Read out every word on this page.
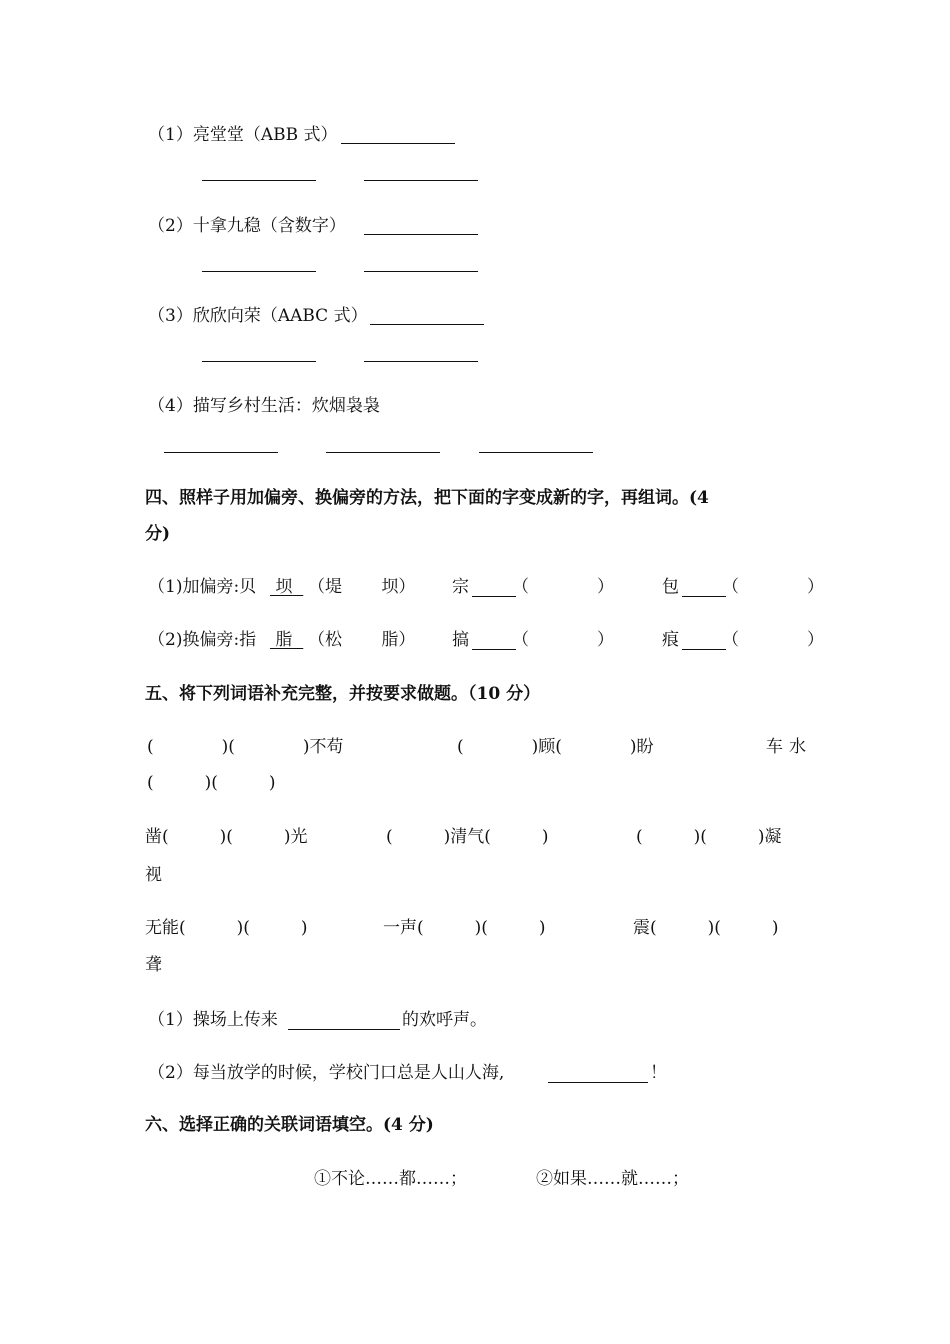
（1）亮堂堂（ABB 式）
（2）十拿九稳（含数字）
（3）欣欣向荣（AABC 式）
（4）描写乡村生活：炊烟袅袅
四、照样子用加偏旁、换偏旁的方法，把下面的字变成新的字，再组词。(4
分)
（1)加偏旁:贝	坝 （堤　　 坝） 宗	（　　　　）	包	（　　　　）
（2)换偏旁:指	脂 （松　　 脂） 搞	（　　　　）	痕	（　　　　）
五、将下列词语补充完整，并按要求做题。（10 分）
(　　　　)(　　　　)不苟	(　　　　)顾(　　　　)盼	车水
(　　　)(　　　)
凿(　　　)(　　　)光	(　　　)清气(　　　)	(　　　)(　　　)凝
视
无能(　　　)(　　　)	一声(　　　)(　　　)	震(　　　)(　　　)
聋
（1）操场上传来	的欢呼声。
（2）每当放学的时候，学校门口总是人山人海,	！
六、选择正确的关联词语填空。(4 分)
①不论……都……；	②如果……就……；
